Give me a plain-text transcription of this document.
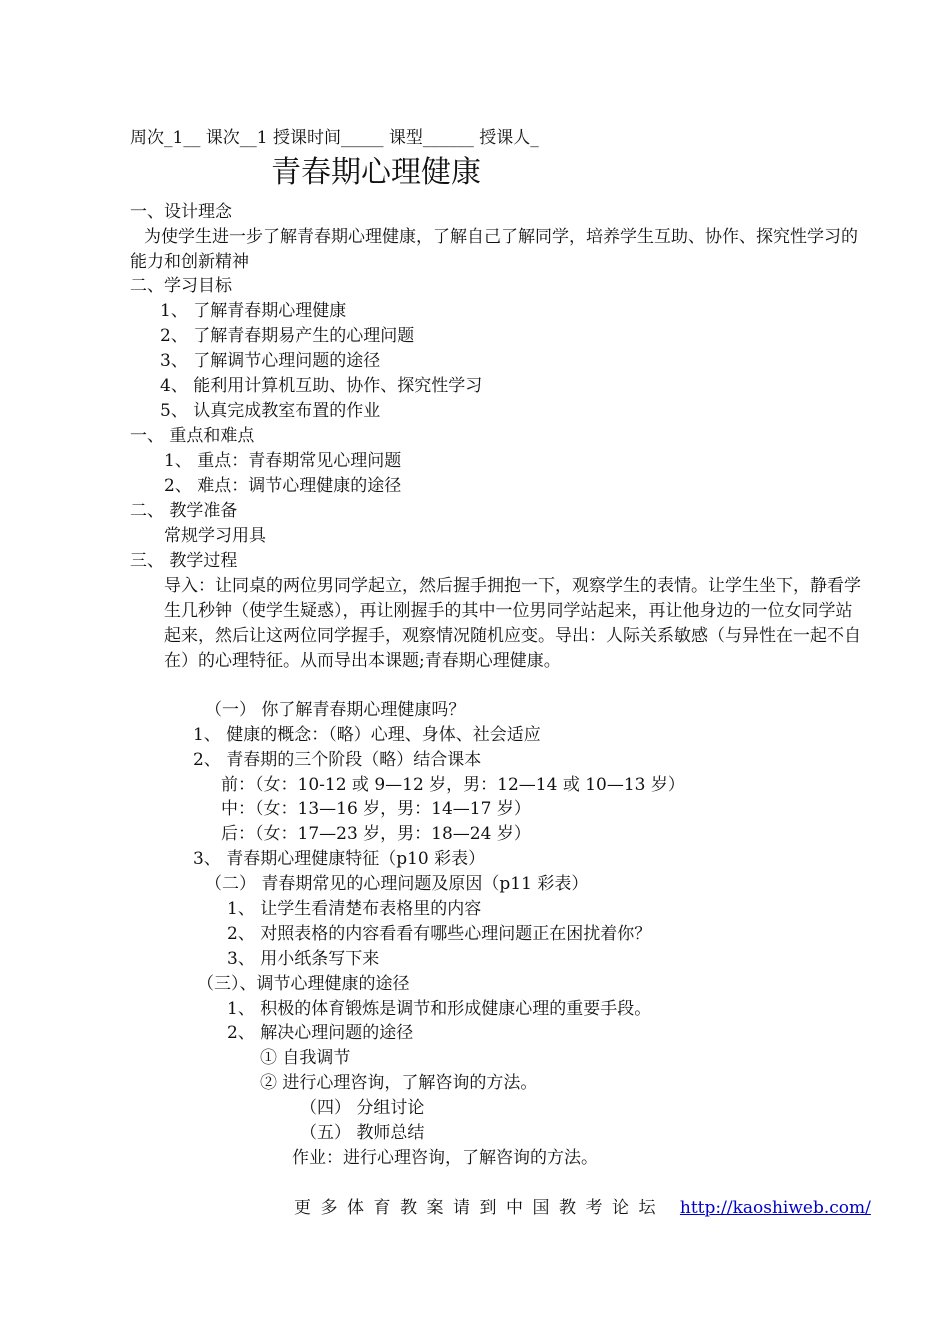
周次_1__ 课次__1 授课时间_____ 课型______ 授课人_
青春期心理健康
一、设计理念
为使学生进一步了解青春期心理健康，了解自己了解同学，培养学生互助、协作、探究性学习的能力和创新精神
二、学习目标
1、 了解青春期心理健康
2、 了解青春期易产生的心理问题
3、 了解调节心理问题的途径
4、 能利用计算机互助、协作、探究性学习
5、 认真完成教室布置的作业
一、 重点和难点
1、 重点：青春期常见心理问题
2、 难点：调节心理健康的途径
二、 教学准备
常规学习用具
三、 教学过程
导入：让同桌的两位男同学起立，然后握手拥抱一下，观察学生的表情。让学生坐下，静看学生几秒钟（使学生疑惑），再让刚握手的其中一位男同学站起来，再让他身边的一位女同学站起来，然后让这两位同学握手，观察情况随机应变。导出：人际关系敏感（与异性在一起不自在）的心理特征。从而导出本课题;青春期心理健康。
（一） 你了解青春期心理健康吗？
1、 健康的概念：（略）心理、身体、社会适应
2、 青春期的三个阶段（略）结合课本
前：（女：10-12 或 9—12 岁，男：12—14 或 10—13 岁）
中：（女：13—16 岁，男：14—17 岁）
后：（女：17—23 岁，男：18—24 岁）
3、 青春期心理健康特征（p10 彩表）
（二） 青春期常见的心理问题及原因（p11 彩表）
1、 让学生看清楚布表格里的内容
2、 对照表格的内容看看有哪些心理问题正在困扰着你？
3、 用小纸条写下来
（三）、调节心理健康的途径
1、 积极的体育锻炼是调节和形成健康心理的重要手段。
2、 解决心理问题的途径
① 自我调节
② 进行心理咨询，了解咨询的方法。
（四） 分组讨论
（五） 教师总结
作业：进行心理咨询，了解咨询的方法。
更多体育教案请到中国教考论坛 http://kaoshiweb.com/
